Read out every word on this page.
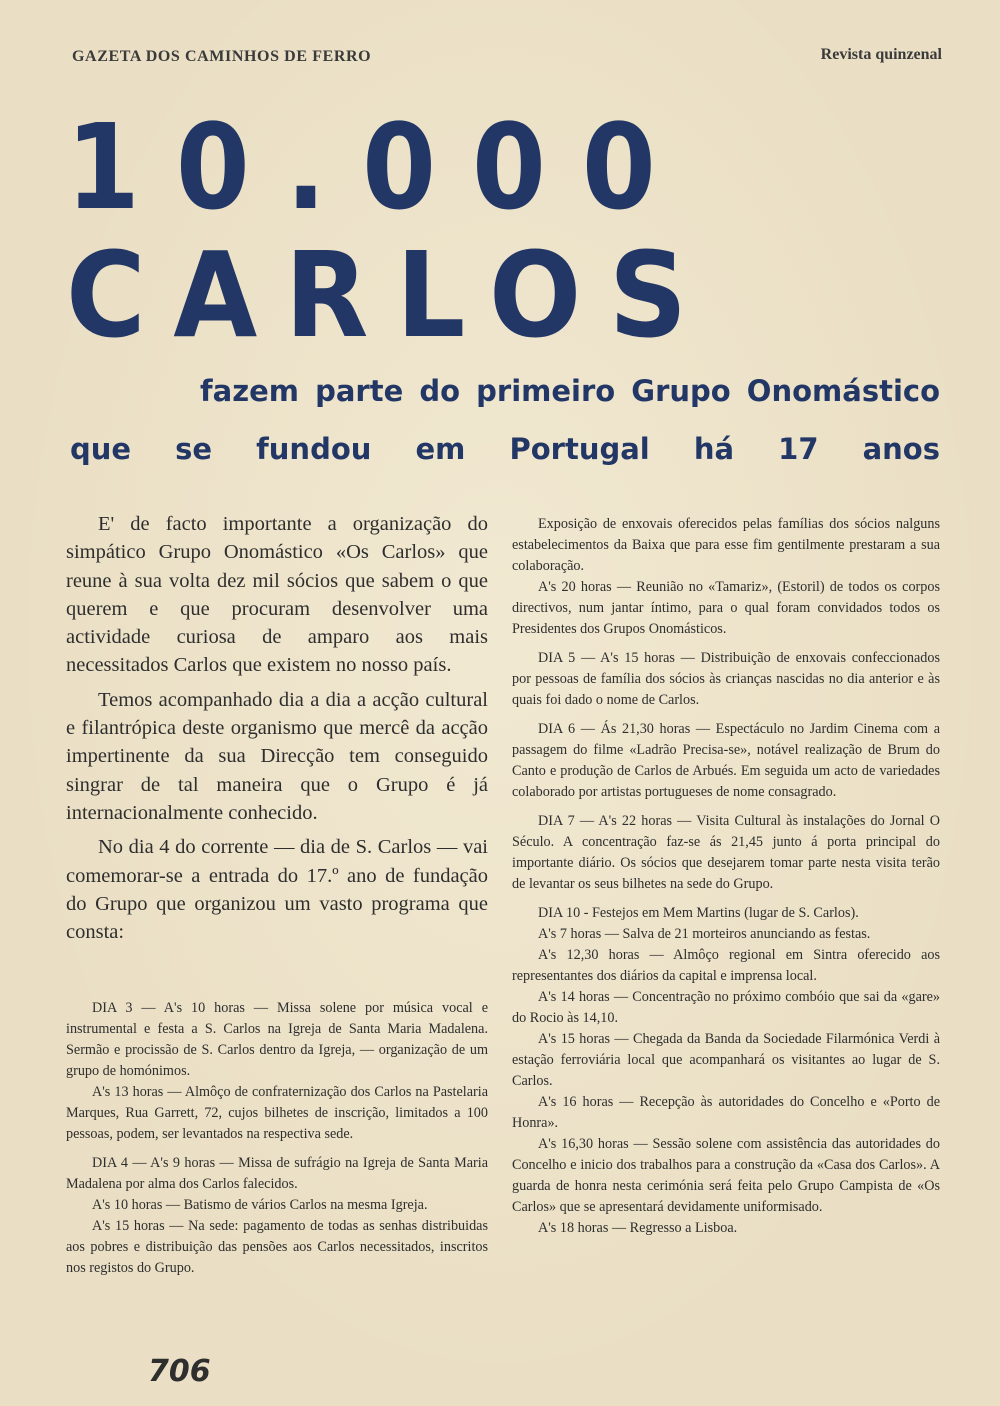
GAZETA DOS CAMINHOS DE FERRO	Revista quinzenal
10.000
CARLOS
fazem parte do primeiro Grupo Onomástico
que se fundou em Portugal há 17 anos

E' de facto importante a organização do simpático Grupo Onomástico «Os Carlos» que reune à sua volta dez mil sócios que sabem o que querem e que procuram desenvolver uma actividade curiosa de amparo aos mais necessitados Carlos que existem no nosso país.

Temos acompanhado dia a dia a acção cultural e filantrópica deste organismo que mercê da acção impertinente da sua Direcção tem conseguido singrar de tal maneira que o Grupo é já internacionalmente conhecido.

No dia 4 do corrente — dia de S. Carlos — vai comemorar-se a entrada do 17.º ano de fundação do Grupo que organizou um vasto programa que consta:

DIA 3 — A's 10 horas — Missa solene por música vocal e instrumental e festa a S. Carlos na Igreja de Santa Maria Madalena. Sermão e procissão de S. Carlos dentro da Igreja, — organização de um grupo de homónimos.

A's 13 horas — Almôço de confraternização dos Carlos na Pastelaria Marques, Rua Garrett, 72, cujos bilhetes de inscrição, limitados a 100 pessoas, podem, ser levantados na respectiva sede.

DIA 4 — A's 9 horas — Missa de sufrágio na Igreja de Santa Maria Madalena por alma dos Carlos falecidos.

A's 10 horas — Batismo de vários Carlos na mesma Igreja.

A's 15 horas — Na sede: pagamento de todas as senhas distribuidas aos pobres e distribuição das pensões aos Carlos necessitados, inscritos nos registos do Grupo.

Exposição de enxovais oferecidos pelas famílias dos sócios nalguns estabelecimentos da Baixa que para esse fim gentilmente prestaram a sua colaboração.

A's 20 horas — Reunião no «Tamariz», (Estoril) de todos os corpos directivos, num jantar íntimo, para o qual foram convidados todos os Presidentes dos Grupos Onomásticos.

DIA 5 — A's 15 horas — Distribuição de enxovais confeccionados por pessoas de família dos sócios às crianças nascidas no dia anterior e às quais foi dado o nome de Carlos.

DIA 6 — Ás 21,30 horas — Espectáculo no Jardim Cinema com a passagem do filme «Ladrão Precisa-se», notável realização de Brum do Canto e produção de Carlos de Arbués. Em seguida um acto de variedades colaborado por artistas portugueses de nome consagrado.

DIA 7 — A's 22 horas — Visita Cultural às instalações do Jornal O Século. A concentração faz-se ás 21,45 junto á porta principal do importante diário. Os sócios que desejarem tomar parte nesta visita terão de levantar os seus bilhetes na sede do Grupo.

DIA 10 - Festejos em Mem Martins (lugar de S. Carlos).

A's 7 horas — Salva de 21 morteiros anunciando as festas.

A's 12,30 horas — Almôço regional em Sintra oferecido aos representantes dos diários da capital e imprensa local.

A's 14 horas — Concentração no próximo combóio que sai da «gare» do Rocio às 14,10.

A's 15 horas — Chegada da Banda da Sociedade Filarmónica Verdi à estação ferroviária local que acompanhará os visitantes ao lugar de S. Carlos.

A's 16 horas — Recepção às autoridades do Concelho e «Porto de Honra».

A's 16,30 horas — Sessão solene com assistência das autoridades do Concelho e inicio dos trabalhos para a construção da «Casa dos Carlos». A guarda de honra nesta cerimónia será feita pelo Grupo Campista de «Os Carlos» que se apresentará devidamente uniformisado.

A's 18 horas — Regresso a Lisboa.

706
